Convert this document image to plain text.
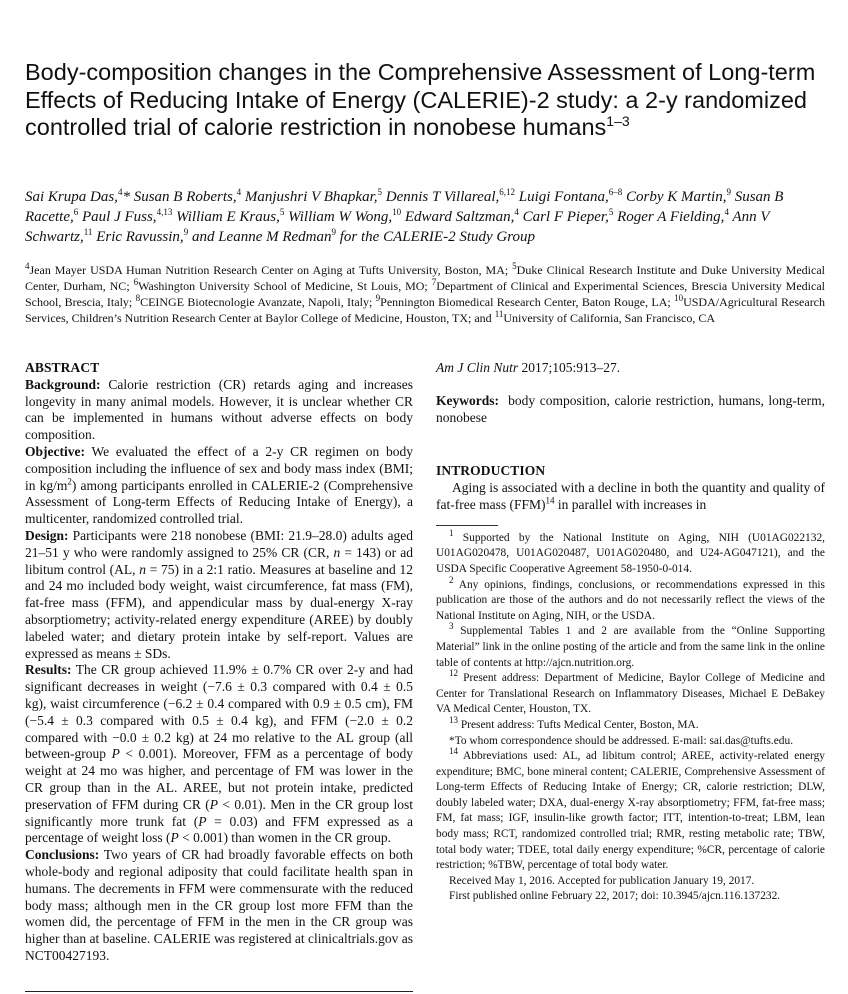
Body-composition changes in the Comprehensive Assessment of Long-term Effects of Reducing Intake of Energy (CALERIE)-2 study: a 2-y randomized controlled trial of calorie restriction in nonobese humans$^{1-3}$
Sai Krupa Das,$^4$* Susan B Roberts,$^4$ Manjushri V Bhapkar,$^5$ Dennis T Villareal,$^{6,12}$ Luigi Fontana,$^{6-8}$ Corby K Martin,$^9$ Susan B Racette,$^6$ Paul J Fuss,$^{4,13}$ William E Kraus,$^5$ William W Wong,$^{10}$ Edward Saltzman,$^4$ Carl F Pieper,$^5$ Roger A Fielding,$^4$ Ann V Schwartz,$^{11}$ Eric Ravussin,$^9$ and Leanne M Redman$^9$ for the CALERIE-2 Study Group
$^4$Jean Mayer USDA Human Nutrition Research Center on Aging at Tufts University, Boston, MA; $^5$Duke Clinical Research Institute and Duke University Medical Center, Durham, NC; $^6$Washington University School of Medicine, St Louis, MO; $^7$Department of Clinical and Experimental Sciences, Brescia University Medical School, Brescia, Italy; $^8$CEINGE Biotecnologie Avanzate, Napoli, Italy; $^9$Pennington Biomedical Research Center, Baton Rouge, LA; $^{10}$USDA/Agricultural Research Services, Children’s Nutrition Research Center at Baylor College of Medicine, Houston, TX; and $^{11}$University of California, San Francisco, CA

ABSTRACT

Background: Calorie restriction (CR) retards aging and increases longevity in many animal models. However, it is unclear whether CR can be implemented in humans without adverse effects on body composition.

Objective: We evaluated the effect of a 2-y CR regimen on body composition including the influence of sex and body mass index (BMI; in $kg/m^2$) among participants enrolled in CALERIE-2 (Comprehensive Assessment of Long-term Effects of Reducing Intake of Energy), a multicenter, randomized controlled trial.

Design: Participants were 218 nonobese (BMI: 21.9–28.0) adults aged 21–51 y who were randomly assigned to 25% CR (CR, n = 143) or ad libitum control (AL, n = 75) in a 2:1 ratio. Measures at baseline and 12 and 24 mo included body weight, waist circumference, fat mass (FM), fat-free mass (FFM), and appendicular mass by dual-energy X-ray absorptiometry; activity-related energy expenditure (AREE) by doubly labeled water; and dietary protein intake by self-report. Values are expressed as means ± SDs.

Results: The CR group achieved 11.9% ± 0.7% CR over 2-y and had significant decreases in weight (−7.6 ± 0.3 compared with 0.4 ± 0.5 kg), waist circumference (−6.2 ± 0.4 compared with 0.9 ± 0.5 cm), FM (−5.4 ± 0.3 compared with 0.5 ± 0.4 kg), and FFM (−2.0 ± 0.2 compared with −0.0 ± 0.2 kg) at 24 mo relative to the AL group (all between-group P < 0.001). Moreover, FFM as a percentage of body weight at 24 mo was higher, and percentage of FM was lower in the CR group than in the AL. AREE, but not protein intake, predicted preservation of FFM during CR (P < 0.01). Men in the CR group lost significantly more trunk fat (P = 0.03) and FFM expressed as a percentage of weight loss (P < 0.001) than women in the CR group.

Conclusions: Two years of CR had broadly favorable effects on both whole-body and regional adiposity that could facilitate health span in humans. The decrements in FFM were commensurate with the reduced body mass; although men in the CR group lost more FFM than the women did, the percentage of FFM in the men in the CR group was higher than at baseline. CALERIE was registered at clinicaltrials.gov as NCT00427193.

Am J Clin Nutr 2017;105:913–27.

Keywords: body composition, calorie restriction, humans, long-term, nonobese

INTRODUCTION

Aging is associated with a decline in both the quantity and quality of fat-free mass (FFM)$^{14}$ in parallel with increases in

$^1$ Supported by the National Institute on Aging, NIH (U01AG022132, U01AG020478, U01AG020487, U01AG020480, and U24-AG047121), and the USDA Specific Cooperative Agreement 58-1950-0-014.

$^2$ Any opinions, findings, conclusions, or recommendations expressed in this publication are those of the authors and do not necessarily reflect the views of the National Institute on Aging, NIH, or the USDA.

$^3$ Supplemental Tables 1 and 2 are available from the “Online Supporting Material” link in the online posting of the article and from the same link in the online table of contents at http://ajcn.nutrition.org.

$^{12}$ Present address: Department of Medicine, Baylor College of Medicine and Center for Translational Research on Inflammatory Diseases, Michael E DeBakey VA Medical Center, Houston, TX.

$^{13}$ Present address: Tufts Medical Center, Boston, MA.

*To whom correspondence should be addressed. E-mail: sai.das@tufts.edu.

$^{14}$ Abbreviations used: AL, ad libitum control; AREE, activity-related energy expenditure; BMC, bone mineral content; CALERIE, Comprehensive Assessment of Long-term Effects of Reducing Intake of Energy; CR, calorie restriction; DLW, doubly labeled water; DXA, dual-energy X-ray absorptiometry; FFM, fat-free mass; FM, fat mass; IGF, insulin-like growth factor; ITT, intention-to-treat; LBM, lean body mass; RCT, randomized controlled trial; RMR, resting metabolic rate; TBW, total body water; TDEE, total daily energy expenditure; %CR, percentage of calorie restriction; %TBW, percentage of total body water.

Received May 1, 2016. Accepted for publication January 19, 2017.

First published online February 22, 2017; doi: 10.3945/ajcn.116.137232.
